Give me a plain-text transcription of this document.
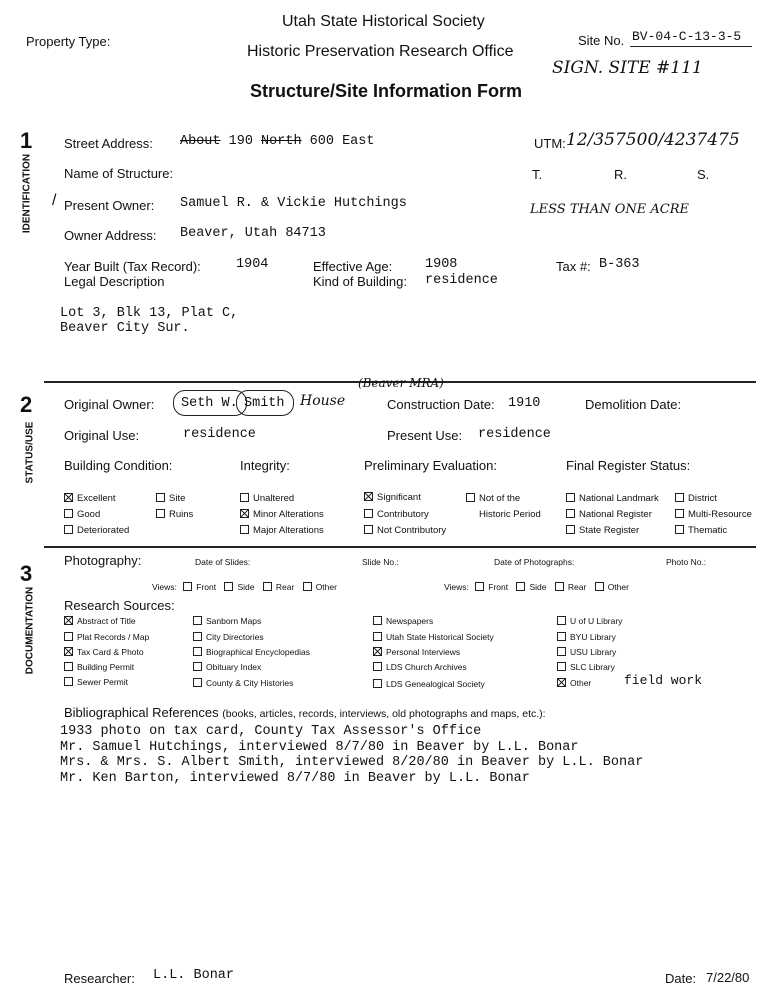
Property Type:
Utah State Historical Society
Historic Preservation Research Office
Structure/Site Information Form
Site No. BV-04-C-13-3-5
SIGN. SITE #111
1
IDENTIFICATION
Street Address: About 190 North 600 East	UTM: 12/357500/4237475
Name of Structure:	T.	R.	S.
/ Present Owner: Samuel R. & Vickie Hutchings	LESS THAN ONE ACRE
Owner Address: Beaver, Utah 84713
Year Built (Tax Record):	1904	Effective Age: 1908	Tax #: B-363
Legal Description	Kind of Building: residence
Lot 3, Blk 13, Plat C,
Beaver City Sur.
2
STATUS/USE
Original Owner: Seth W. Smith House
(Beaver MRA)
Construction Date: 1910	Demolition Date:
Original Use:	residence	Present Use: residence
Building Condition:	Integrity:	Preliminary Evaluation:	Final Register Status:
Excellent	Site
Good	Ruins
Deteriorated
Unaltered
Minor Alterations
Major Alterations
Significant
Contributory
Not Contributory
Not of the
Historic Period
National Landmark
National Register
State Register
District
Multi-Resource
Thematic
3
DOCUMENTATION
Photography:	Date of Slides:	Slide No.:	Date of Photographs:	Photo No.:
Views: Front	Side	Rear	Other	Views: Front	Side	Rear	Other
Research Sources:
Abstract of Title
Plat Records / Map
Tax Card & Photo
Building Permit
Sewer Permit
Sanborn Maps
City Directories
Biographical Encyclopedias
Obituary Index
County & City Histories
Newspapers
Utah State Historical Society
Personal Interviews
LDS Church Archives
LDS Genealogical Society
U of U Library
BYU Library
USU Library
SLC Library
Other	field work
Bibliographical References (books, articles, records, interviews, old photographs and maps, etc.):
1933 photo on tax card, County Tax Assessor's Office
Mr. Samuel Hutchings, interviewed 8/7/80 in Beaver by L.L. Bonar
Mrs. & Mrs. S. Albert Smith, interviewed 8/20/80 in Beaver by L.L. Bonar
Mr. Ken Barton, interviewed 8/7/80 in Beaver by L.L. Bonar
Researcher: L.L. Bonar	Date: 7/22/80
